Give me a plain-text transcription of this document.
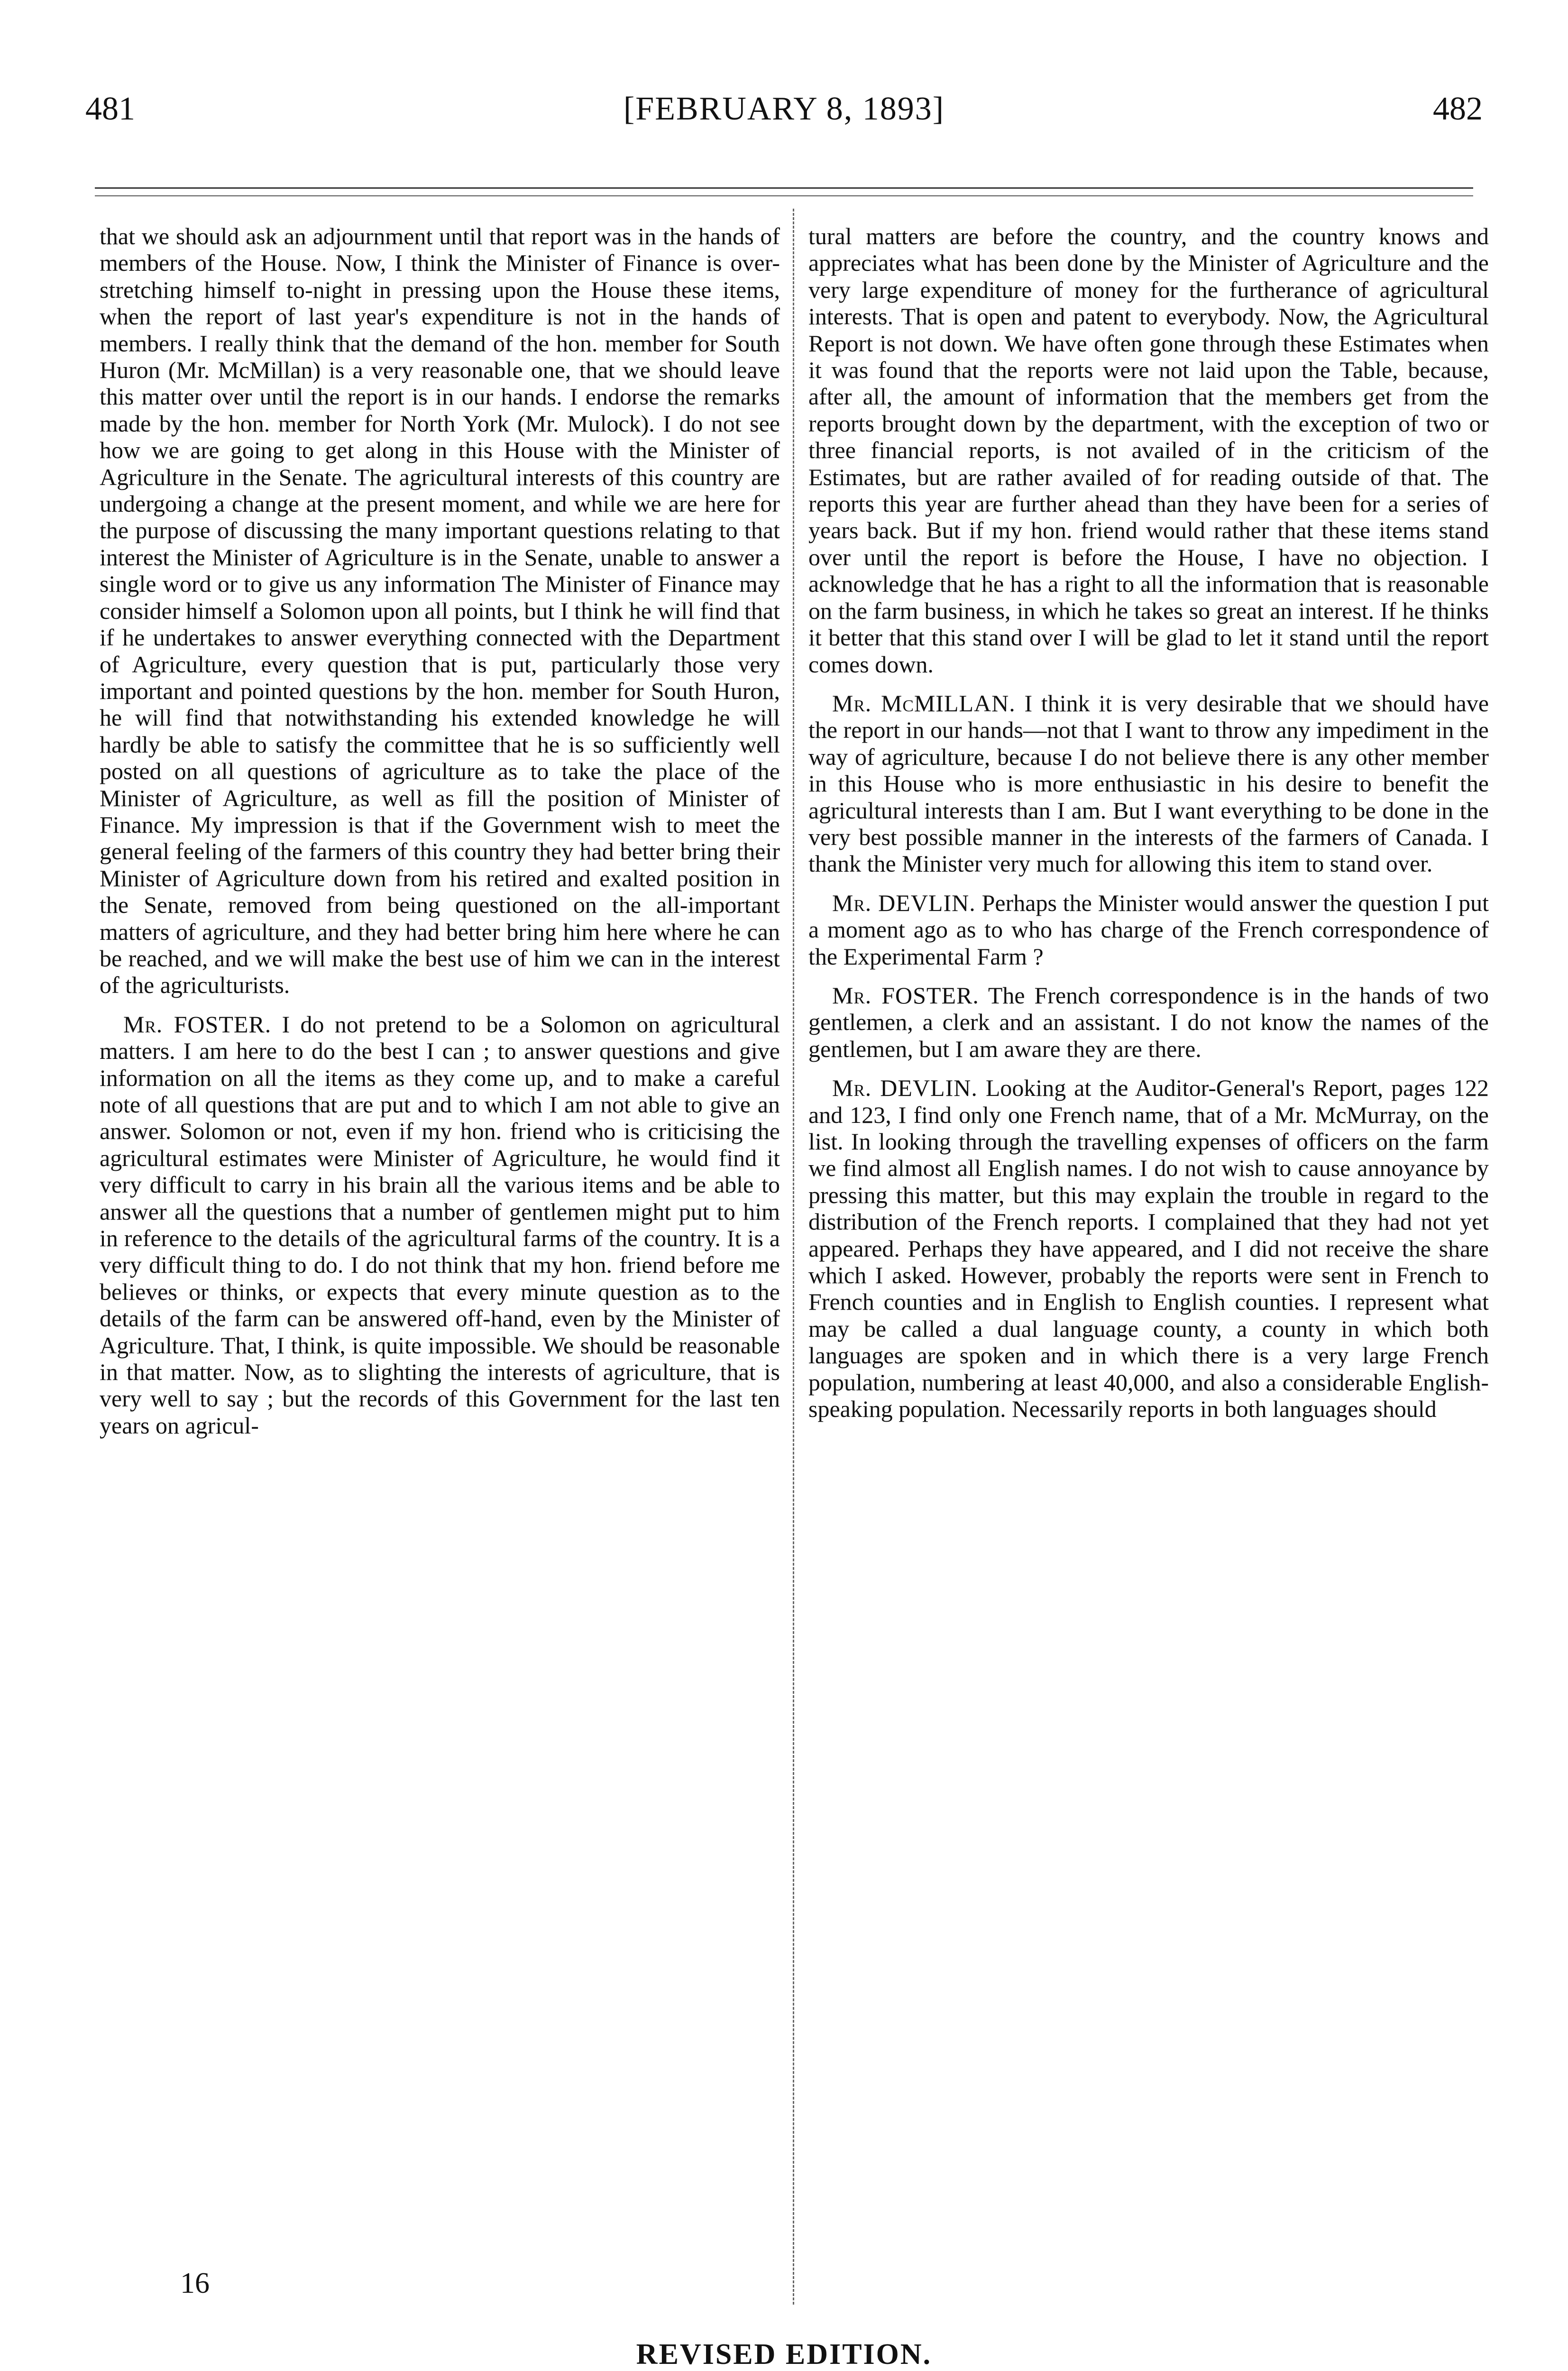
481	[FEBRUARY 8, 1893]	482

that we should ask an adjournment until that report was in the hands of members of the House. Now, I think the Minister of Finance is over-stretching himself to-night in pressing upon the House these items, when the report of last year's expenditure is not in the hands of members. I really think that the demand of the hon. member for South Huron (Mr. McMillan) is a very reasonable one, that we should leave this matter over until the report is in our hands. I endorse the remarks made by the hon. member for North York (Mr. Mulock). I do not see how we are going to get along in this House with the Minister of Agriculture in the Senate. The agricultural interests of this country are undergoing a change at the present moment, and while we are here for the purpose of discussing the many important questions relating to that interest the Minister of Agriculture is in the Senate, unable to answer a single word or to give us any information The Minister of Finance may consider himself a Solomon upon all points, but I think he will find that if he undertakes to answer everything connected with the Department of Agriculture, every question that is put, particularly those very important and pointed questions by the hon. member for South Huron, he will find that notwithstanding his extended knowledge he will hardly be able to satisfy the committee that he is so sufficiently well posted on all questions of agriculture as to take the place of the Minister of Agriculture, as well as fill the position of Minister of Finance. My impression is that if the Government wish to meet the general feeling of the farmers of this country they had better bring their Minister of Agriculture down from his retired and exalted position in the Senate, removed from being questioned on the all-important matters of agriculture, and they had better bring him here where he can be reached, and we will make the best use of him we can in the interest of the agriculturists.

Mr. FOSTER. I do not pretend to be a Solomon on agricultural matters. I am here to do the best I can ; to answer questions and give information on all the items as they come up, and to make a careful note of all questions that are put and to which I am not able to give an answer. Solomon or not, even if my hon. friend who is criticising the agricultural estimates were Minister of Agriculture, he would find it very difficult to carry in his brain all the various items and be able to answer all the questions that a number of gentlemen might put to him in reference to the details of the agricultural farms of the country. It is a very difficult thing to do. I do not think that my hon. friend before me believes or thinks, or expects that every minute question as to the details of the farm can be answered off-hand, even by the Minister of Agriculture. That, I think, is quite impossible. We should be reasonable in that matter. Now, as to slighting the interests of agriculture, that is very well to say ; but the records of this Government for the last ten years on agricul-

tural matters are before the country, and the country knows and appreciates what has been done by the Minister of Agriculture and the very large expenditure of money for the furtherance of agricultural interests. That is open and patent to everybody. Now, the Agricultural Report is not down. We have often gone through these Estimates when it was found that the reports were not laid upon the Table, because, after all, the amount of information that the members get from the reports brought down by the department, with the exception of two or three financial reports, is not availed of in the criticism of the Estimates, but are rather availed of for reading outside of that. The reports this year are further ahead than they have been for a series of years back. But if my hon. friend would rather that these items stand over until the report is before the House, I have no objection. I acknowledge that he has a right to all the information that is reasonable on the farm business, in which he takes so great an interest. If he thinks it better that this stand over I will be glad to let it stand until the report comes down.

Mr. McMILLAN. I think it is very desirable that we should have the report in our hands—not that I want to throw any impediment in the way of agriculture, because I do not believe there is any other member in this House who is more enthusiastic in his desire to benefit the agricultural interests than I am. But I want everything to be done in the very best possible manner in the interests of the farmers of Canada. I thank the Minister very much for allowing this item to stand over.

Mr. DEVLIN. Perhaps the Minister would answer the question I put a moment ago as to who has charge of the French correspondence of the Experimental Farm ?

Mr. FOSTER. The French correspondence is in the hands of two gentlemen, a clerk and an assistant. I do not know the names of the gentlemen, but I am aware they are there.

Mr. DEVLIN. Looking at the Auditor-General's Report, pages 122 and 123, I find only one French name, that of a Mr. McMurray, on the list. In looking through the travelling expenses of officers on the farm we find almost all English names. I do not wish to cause annoyance by pressing this matter, but this may explain the trouble in regard to the distribution of the French reports. I complained that they had not yet appeared. Perhaps they have appeared, and I did not receive the share which I asked. However, probably the reports were sent in French to French counties and in English to English counties. I represent what may be called a dual language county, a county in which both languages are spoken and in which there is a very large French population, numbering at least 40,000, and also a considerable English-speaking population. Necessarily reports in both languages should

16
REVISED EDITION.
